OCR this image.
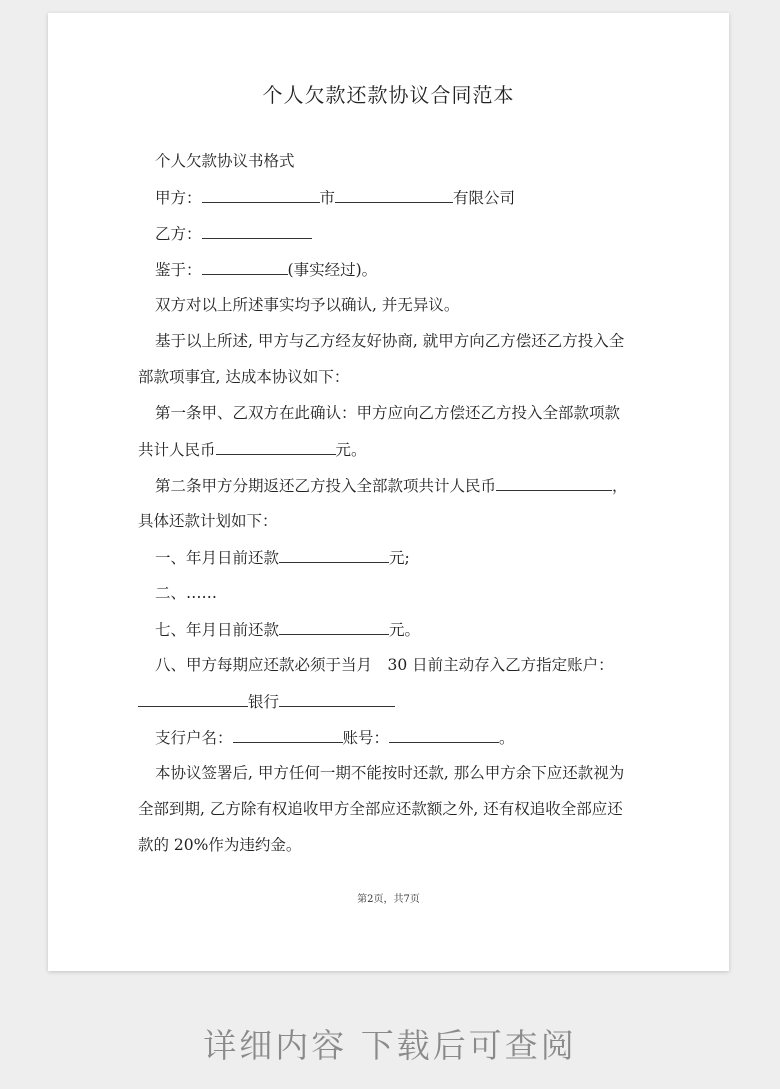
个人欠款还款协议合同范本
个人欠款协议书格式
甲方：	市	有限公司
乙方：
鉴于：	(事实经过)。
双方对以上所述事实均予以确认, 并无异议。
基于以上所述, 甲方与乙方经友好协商, 就甲方向乙方偿还乙方投入全
部款项事宜, 达成本协议如下：
第一条甲、乙双方在此确认：甲方应向乙方偿还乙方投入全部款项款
共计人民币	元。
第二条甲方分期返还乙方投入全部款项共计人民币	，
具体还款计划如下：
一、年月日前还款	元;
二、……
七、年月日前还款	元。
八、甲方每期应还款必须于当月　30 日前主动存入乙方指定账户：
银行
支行户名：	账号：	。
本协议签署后, 甲方任何一期不能按时还款, 那么甲方余下应还款视为
全部到期, 乙方除有权追收甲方全部应还款额之外, 还有权追收全部应还
款的 20%作为违约金。
第2页，共7页
详细内容 下载后可查阅
